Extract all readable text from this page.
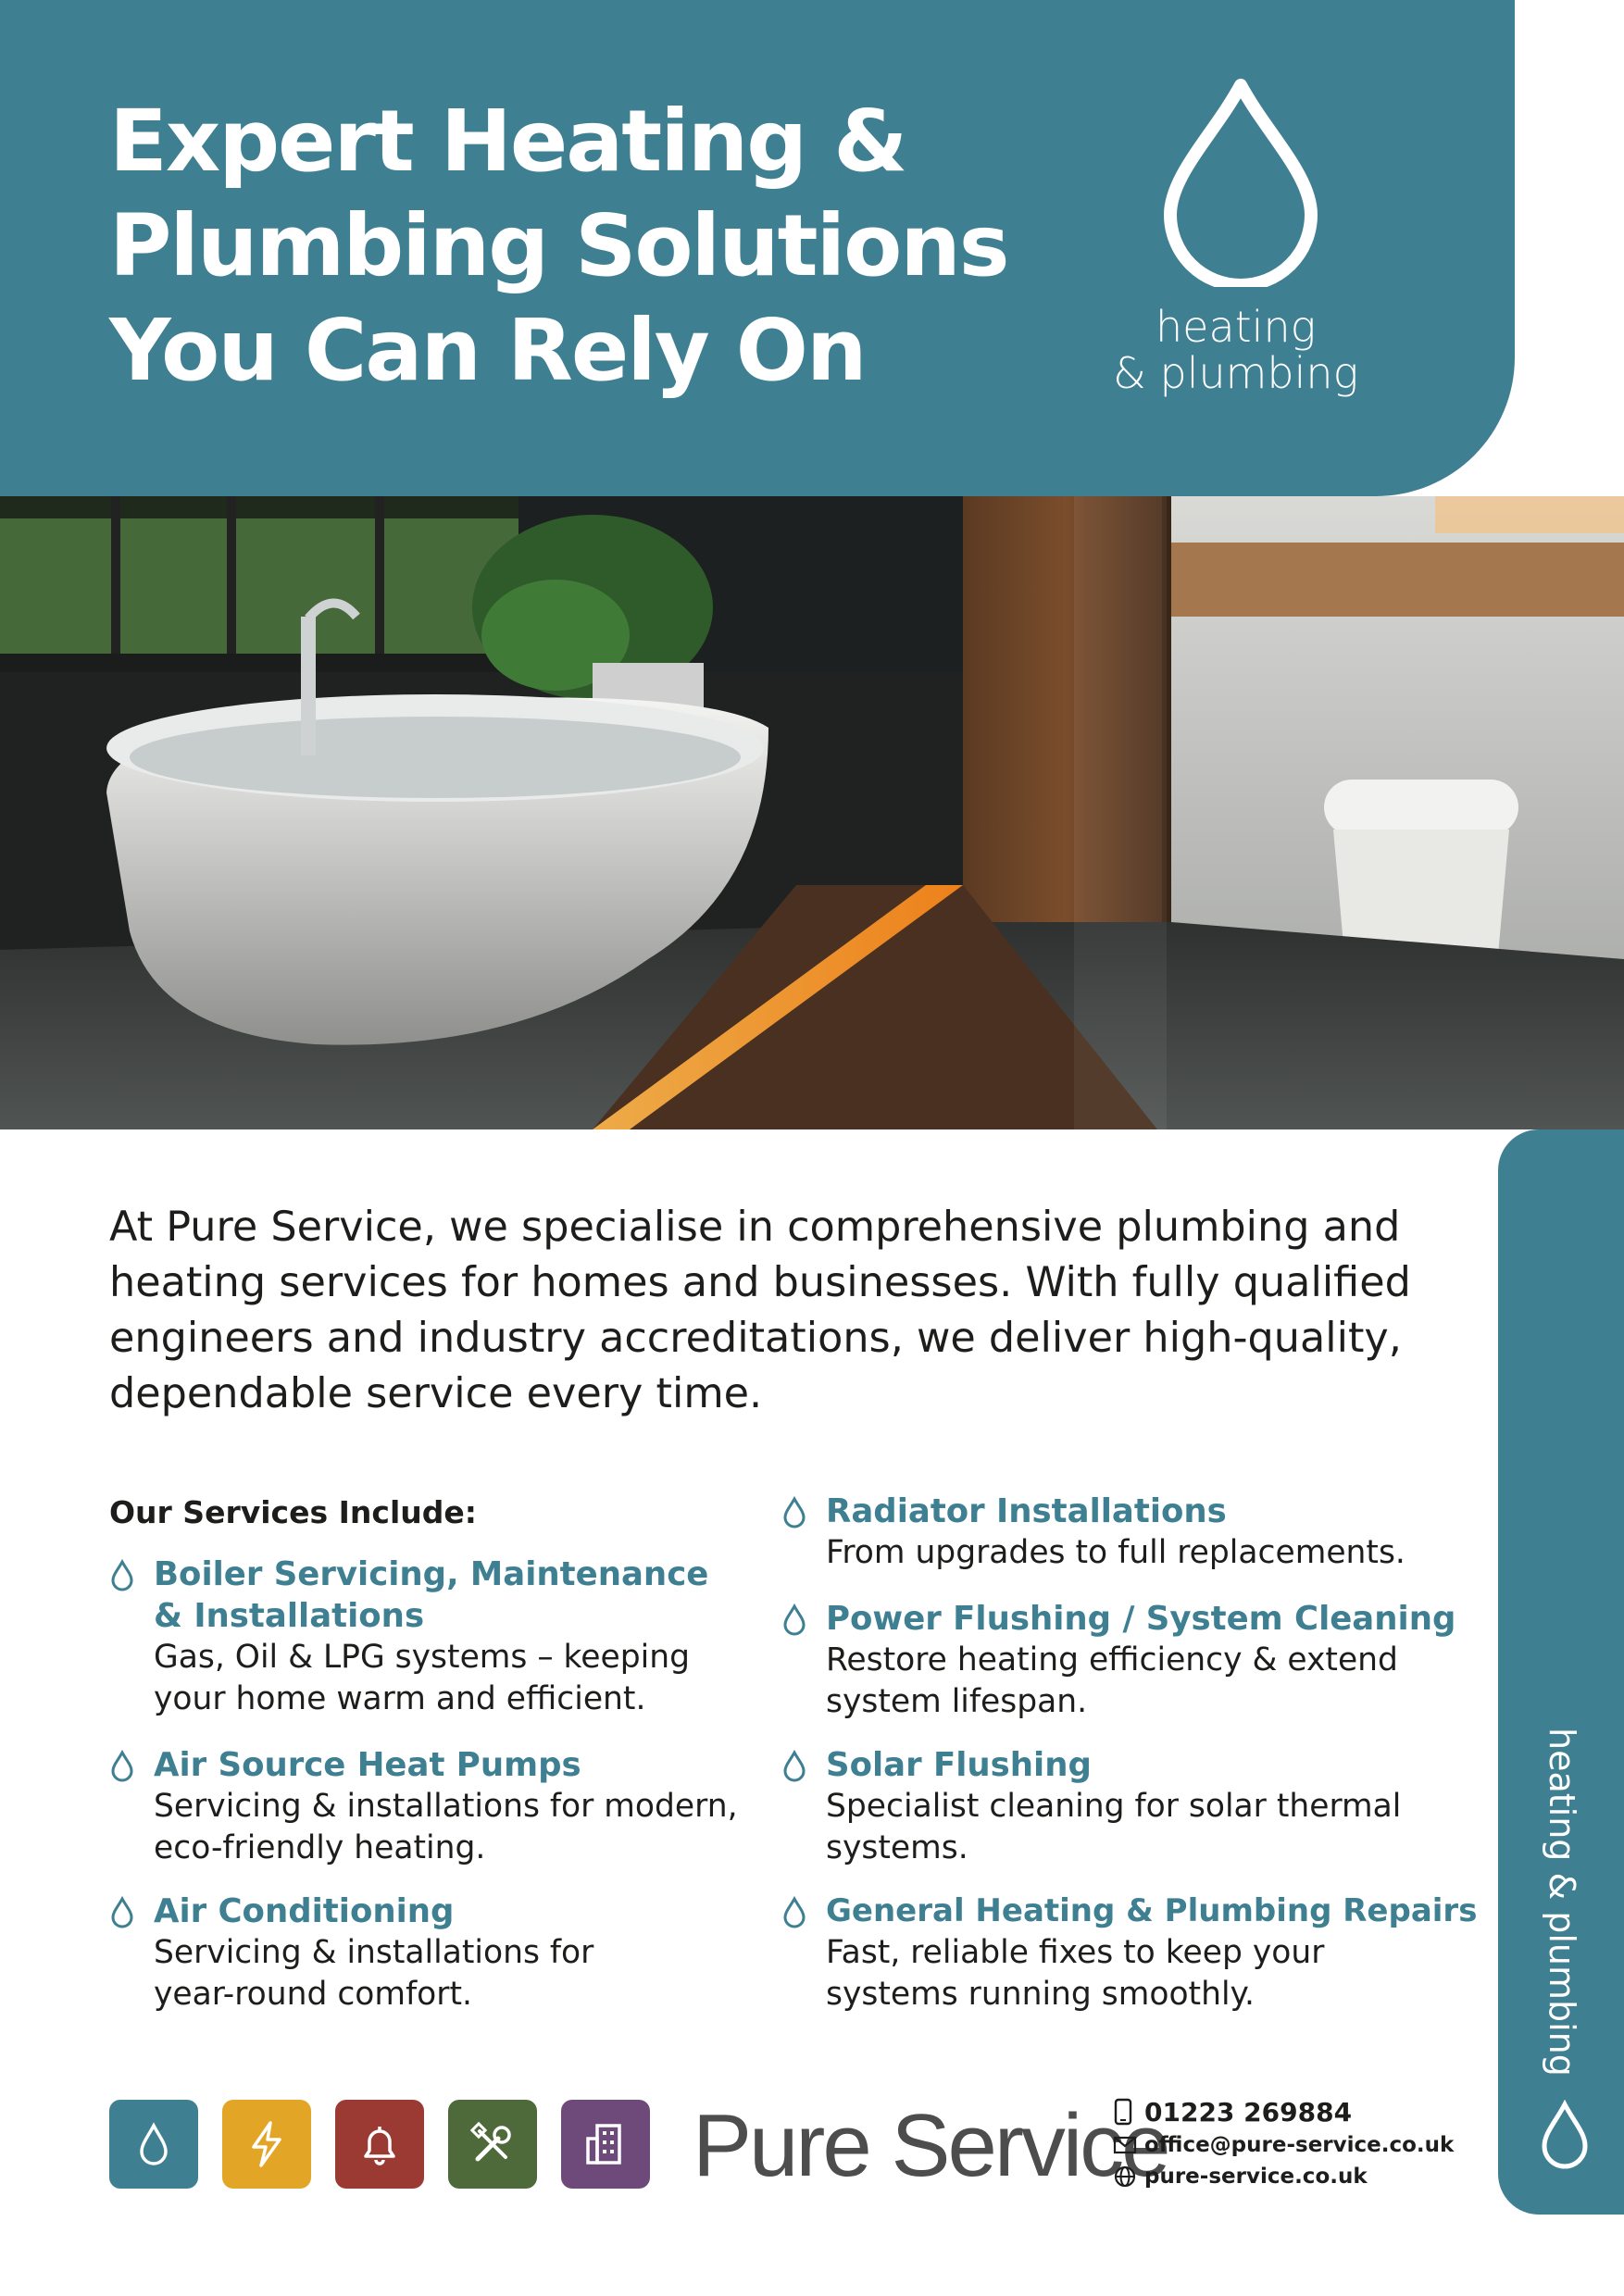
Expert Heating &
Plumbing Solutions
You Can Rely On	heating
& plumbing
At Pure Service, we specialise in comprehensive plumbing and heating services for homes and businesses. With fully qualified engineers and industry accreditations, we deliver high-quality, dependable service every time.
Our Services Include:
Boiler Servicing, Maintenance
& Installations
Gas, Oil & LPG systems – keeping
your home warm and efficient.
Air Source Heat Pumps
Servicing & installations for modern,
eco-friendly heating.
Air Conditioning
Servicing & installations for
year-round comfort.
Radiator Installations
From upgrades to full replacements.
Power Flushing / System Cleaning
Restore heating efficiency & extend
system lifespan.
Solar Flushing
Specialist cleaning for solar thermal
systems.
General Heating & Plumbing Repairs
Fast, reliable fixes to keep your
systems running smoothly.	heating & plumbing
Pure Service
01223 269884
office@pure-service.co.uk
pure-service.co.uk
